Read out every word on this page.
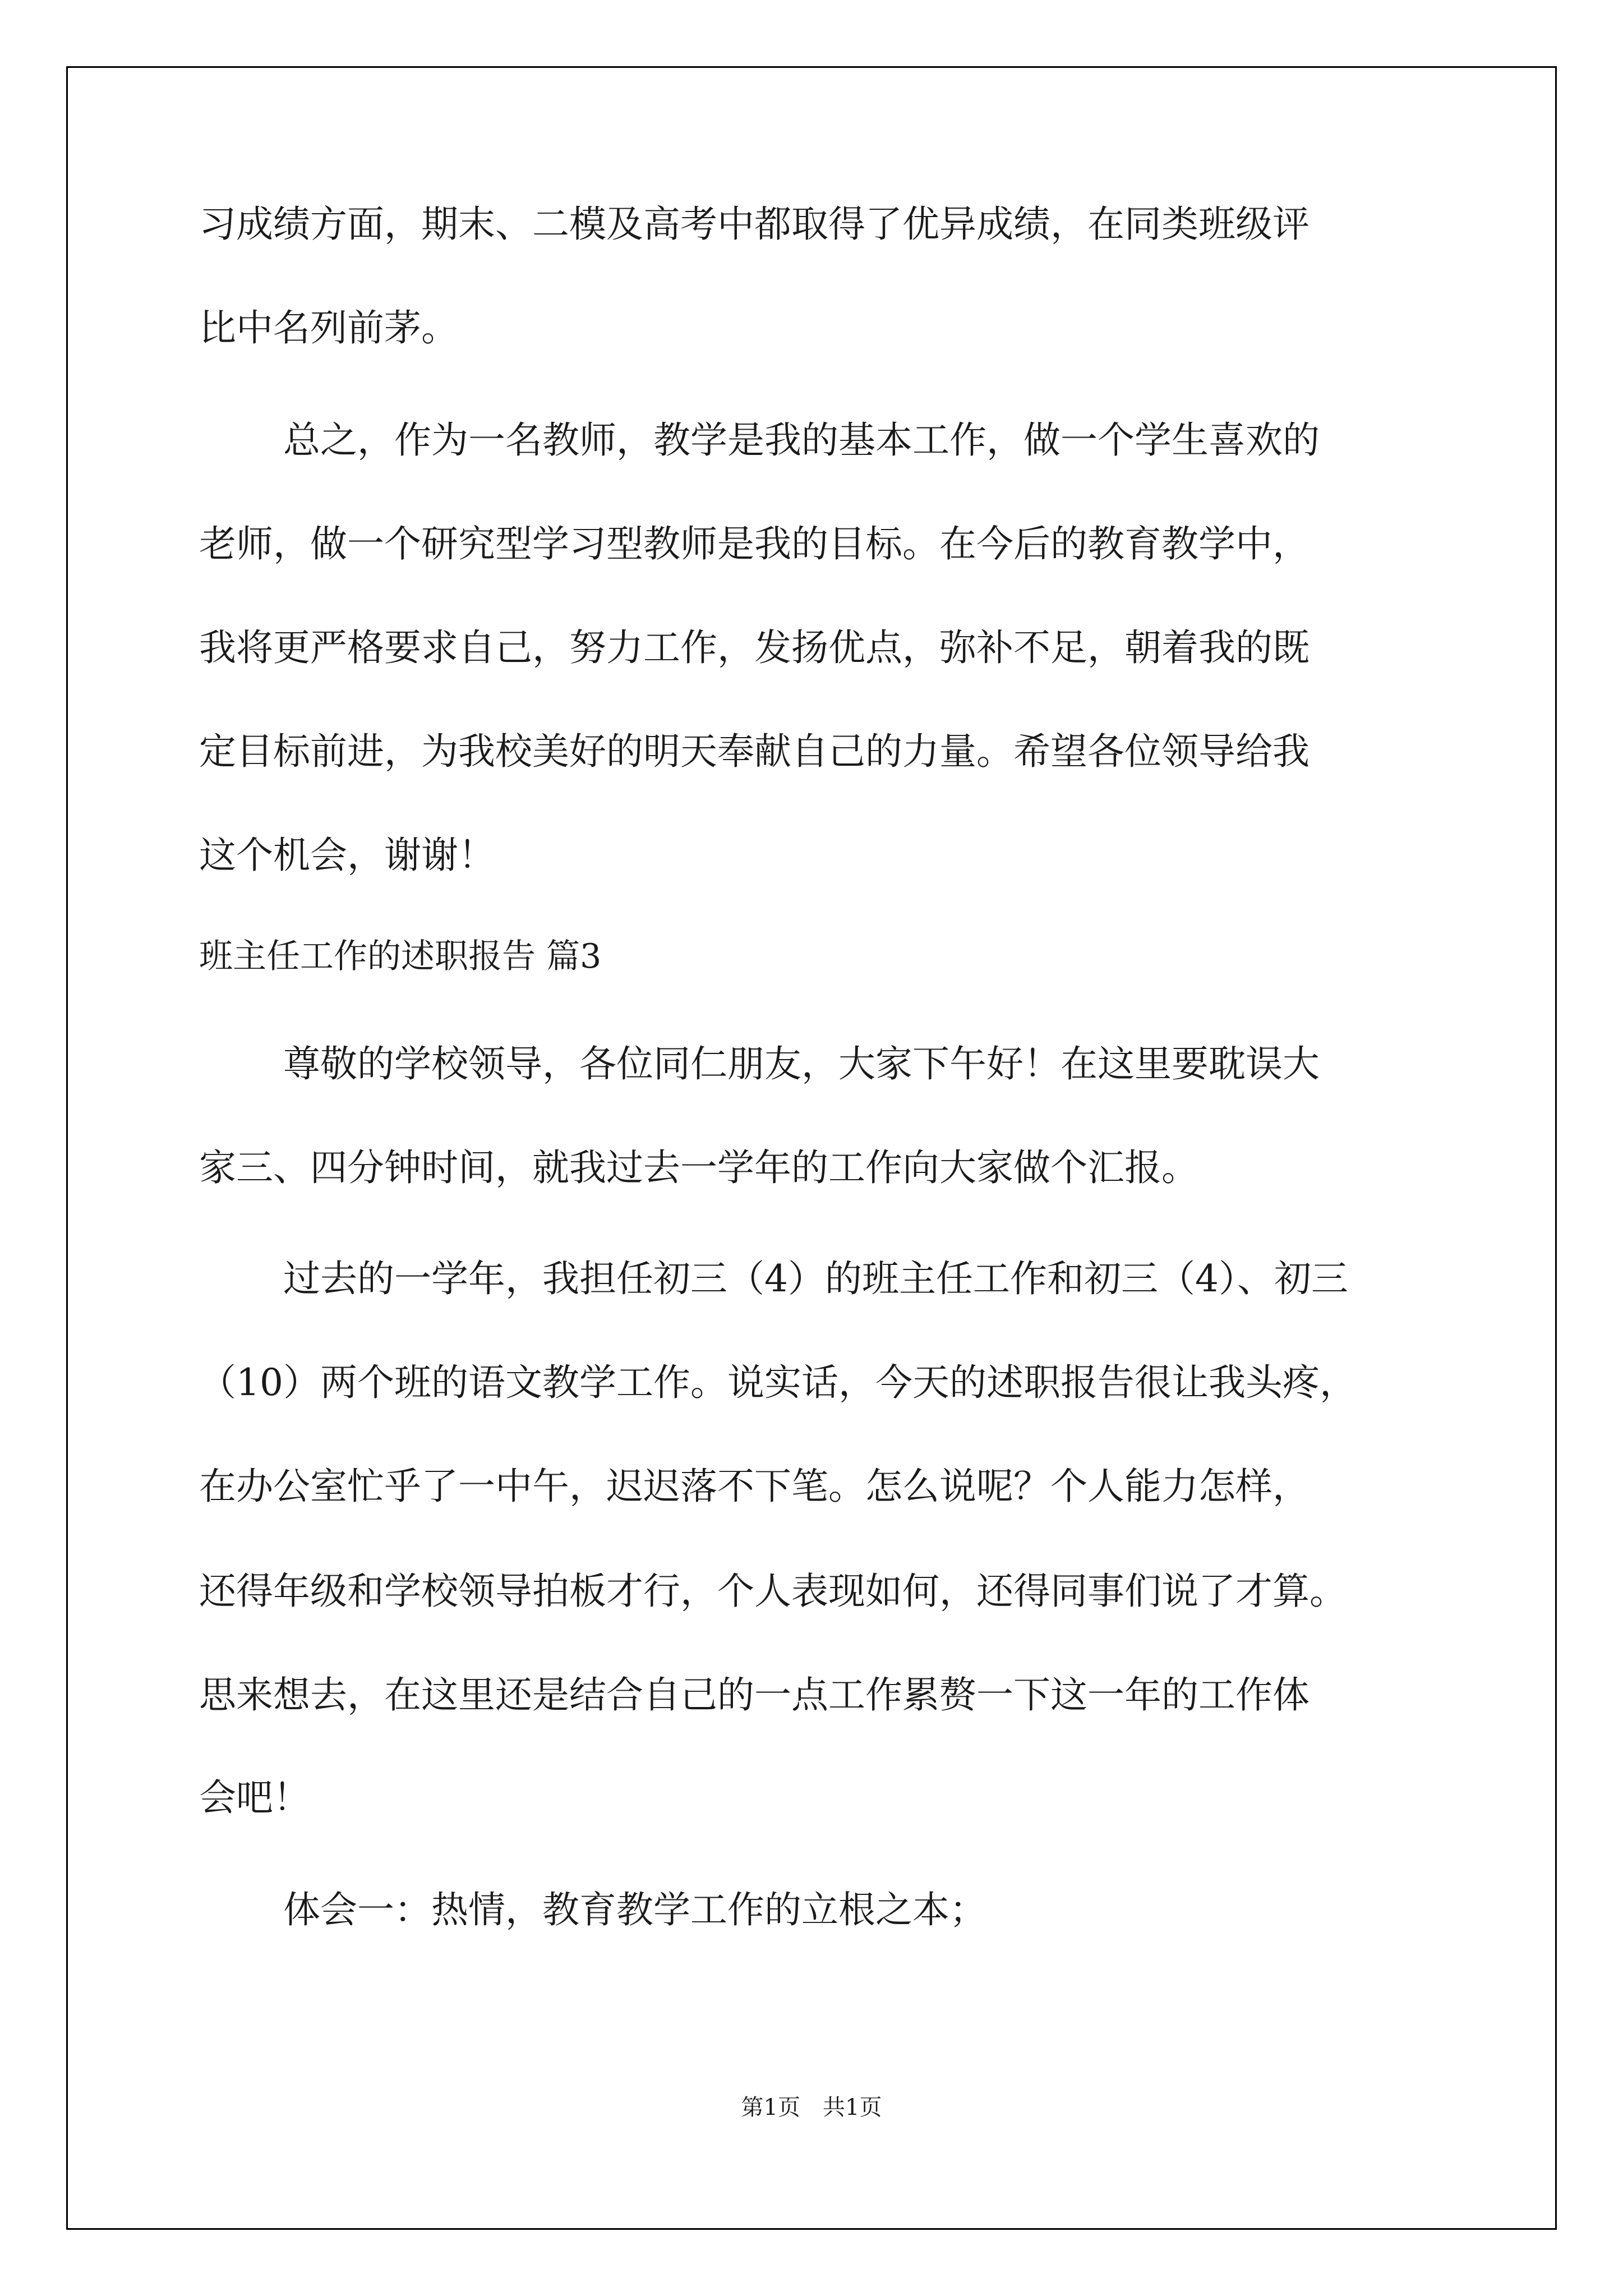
习成绩方面，期末、二模及高考中都取得了优异成绩，在同类班级评
比中名列前茅。
总之，作为一名教师，教学是我的基本工作，做一个学生喜欢的
老师，做一个研究型学习型教师是我的目标。在今后的教育教学中，
我将更严格要求自己，努力工作，发扬优点，弥补不足，朝着我的既
定目标前进，为我校美好的明天奉献自己的力量。希望各位领导给我
这个机会，谢谢！
班主任工作的述职报告 篇3
尊敬的学校领导，各位同仁朋友，大家下午好！在这里要耽误大
家三、四分钟时间，就我过去一学年的工作向大家做个汇报。
过去的一学年，我担任初三（4）的班主任工作和初三（4）、初三
（10）两个班的语文教学工作。说实话，今天的述职报告很让我头疼，
在办公室忙乎了一中午，迟迟落不下笔。怎么说呢？个人能力怎样，
还得年级和学校领导拍板才行，个人表现如何，还得同事们说了才算。
思来想去，在这里还是结合自己的一点工作累赘一下这一年的工作体
会吧！
体会一：热情，教育教学工作的立根之本；
第1页　共1页
